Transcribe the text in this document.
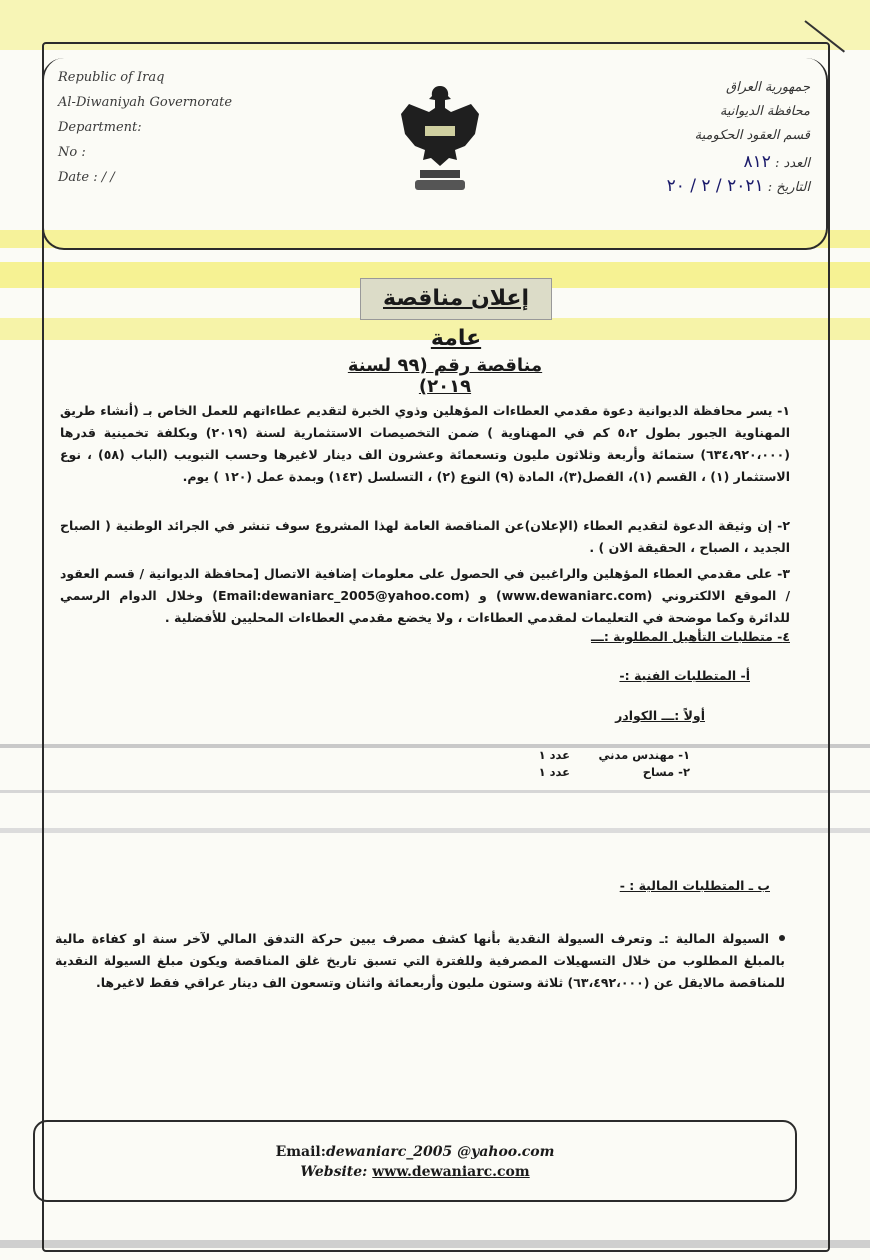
Republic of Iraq
Al-Diwaniyah Governorate
Department:
No :
Date : / /
جمهورية العراق
محافظة الديوانية
قسم العقود الحكومية
العدد : ٨١٢
التاريخ : ٢٠٢١ / ٢ / ٢٠
إعلان مناقصة عامة
مناقصة رقم (٩٩ لسنة ٢٠١٩)
١- يسر محافظة الديوانية دعوة مقدمي العطاءات المؤهلين وذوي الخبرة لتقديم عطاءاتهم للعمل الخاص بـ (أنشاء طريق المهناوية الجبور بطول ٥،٢ كم في المهناوية ) ضمن التخصيصات الاستثمارية لسنة (٢٠١٩) وبكلفة تخمينية قدرها (٦٣٤،٩٢٠،٠٠٠) ستمائة وأربعة وثلاثون مليون وتسعمائة وعشرون الف دينار لاغيرها وحسب التبويب (الباب (٥٨) ، نوع الاستثمار (١) ، القسم (١)، الفصل(٣)، المادة (٩) النوع (٢) ، التسلسل (١٤٣) وبمدة عمل (١٢٠ ) يوم.
٢- إن وثيقة الدعوة لتقديم العطاء (الإعلان)عن المناقصة العامة لهذا المشروع سوف تنشر في الجرائد الوطنية ( الصباح الجديد ، الصباح ، الحقيقة الان ) .
٣- على مقدمي العطاء المؤهلين والراغبين في الحصول على معلومات إضافية الاتصال [محافظة الديوانية / قسم العقود / الموقع الالكتروني (www.dewaniarc.com) و (Email:dewaniarc_2005@yahoo.com) وخلال الدوام الرسمي للدائرة وكما موضحة في التعليمات لمقدمي العطاءات ، ولا يخضع مقدمي العطاءات المحليين للأفضلية .
٤- متطلبات التأهيل المطلوبة :ـــ
أ- المتطلبات الفنية :-
أولاً :ـــ الكوادر
١- مهندس مدني
عدد ١
٢- مساح
عدد ١
ب ـ المتطلبات المالية : -
السيولة المالية :ـ وتعرف السيولة النقدية بأنها كشف مصرف يبين حركة التدفق المالي لآخر سنة او كفاءة مالية بالمبلغ المطلوب من خلال التسهيلات المصرفية وللفترة التي تسبق تاريخ غلق المناقصة ويكون مبلغ السيولة النقدية للمناقصة مالايقل عن (٦٣،٤٩٢،٠٠٠) ثلاثة وستون مليون وأربعمائة واثنان وتسعون الف دينار عراقي فقط لاغيرها.
Email:dewaniarc_2005 @yahoo.com
Website: www.dewaniarc.com
